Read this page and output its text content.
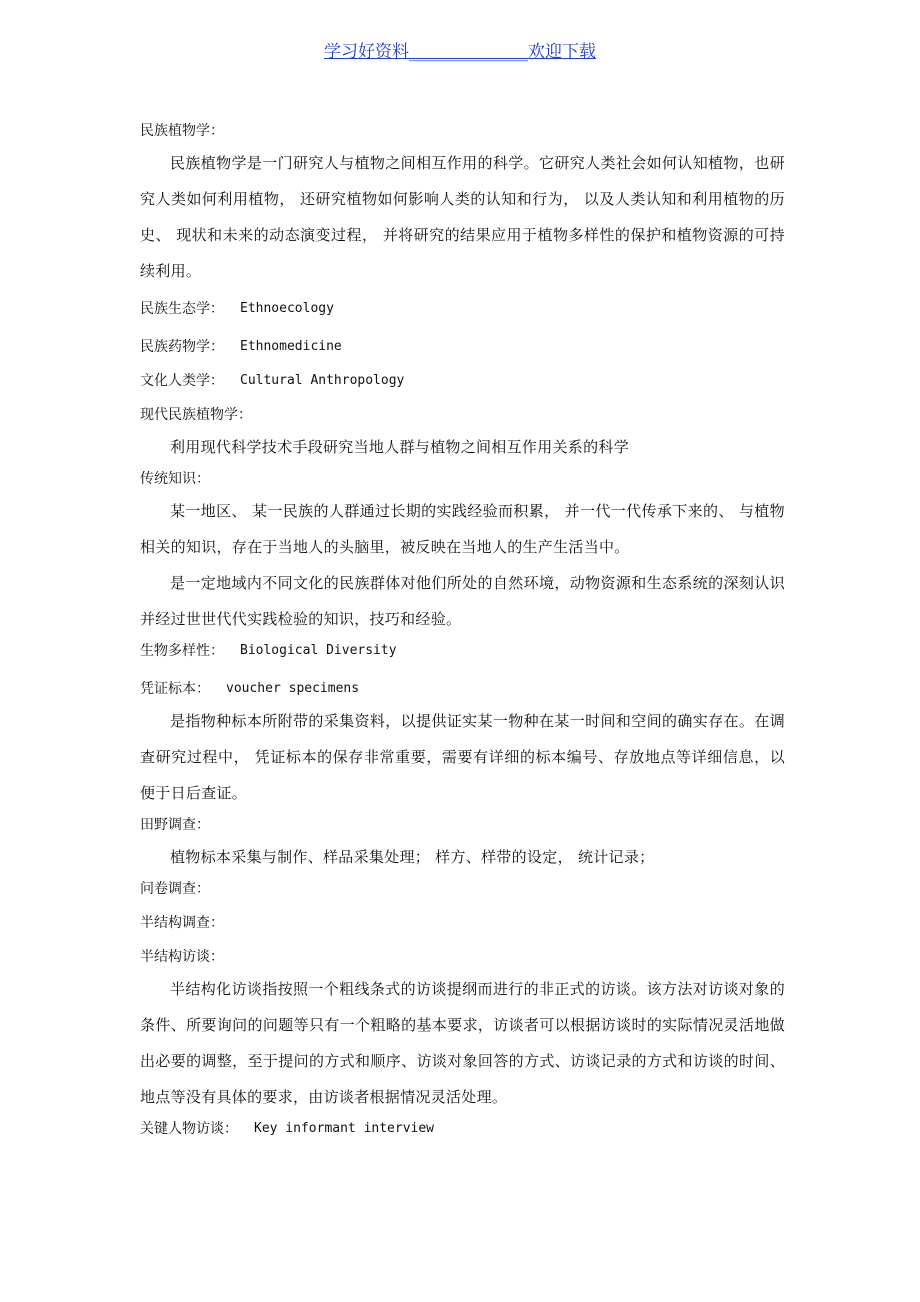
学习好资料______________欢迎下载
民族植物学：

民族植物学是一门研究人与植物之间相互作用的科学。它研究人类社会如何认知植物，也研究人类如何利用植物， 还研究植物如何影响人类的认知和行为， 以及人类认知和利用植物的历史、 现状和未来的动态演变过程， 并将研究的结果应用于植物多样性的保护和植物资源的可持续利用。

民族生态学： Ethnoecology
民族药物学： Ethnomedicine
文化人类学： Cultural Anthropology
现代民族植物学：

利用现代科学技术手段研究当地人群与植物之间相互作用关系的科学

传统知识：

某一地区、 某一民族的人群通过长期的实践经验而积累， 并一代一代传承下来的、 与植物相关的知识，存在于当地人的头脑里，被反映在当地人的生产生活当中。

是一定地域内不同文化的民族群体对他们所处的自然环境，动物资源和生态系统的深刻认识并经过世世代代实践检验的知识，技巧和经验。

生物多样性： Biological Diversity
凭证标本： voucher specimens

是指物种标本所附带的采集资料，以提供证实某一物种在某一时间和空间的确实存在。在调查研究过程中， 凭证标本的保存非常重要，需要有详细的标本编号、存放地点等详细信息，以便于日后查证。

田野调查：

植物标本采集与制作、样品采集处理； 样方、样带的设定， 统计记录；

问卷调查：
半结构调查：
半结构访谈：

半结构化访谈指按照一个粗线条式的访谈提纲而进行的非正式的访谈。该方法对访谈对象的条件、所要询问的问题等只有一个粗略的基本要求，访谈者可以根据访谈时的实际情况灵活地做出必要的调整，至于提问的方式和顺序、访谈对象回答的方式、访谈记录的方式和访谈的时间、地点等没有具体的要求，由访谈者根据情况灵活处理。

关键人物访谈： Key informant interview
